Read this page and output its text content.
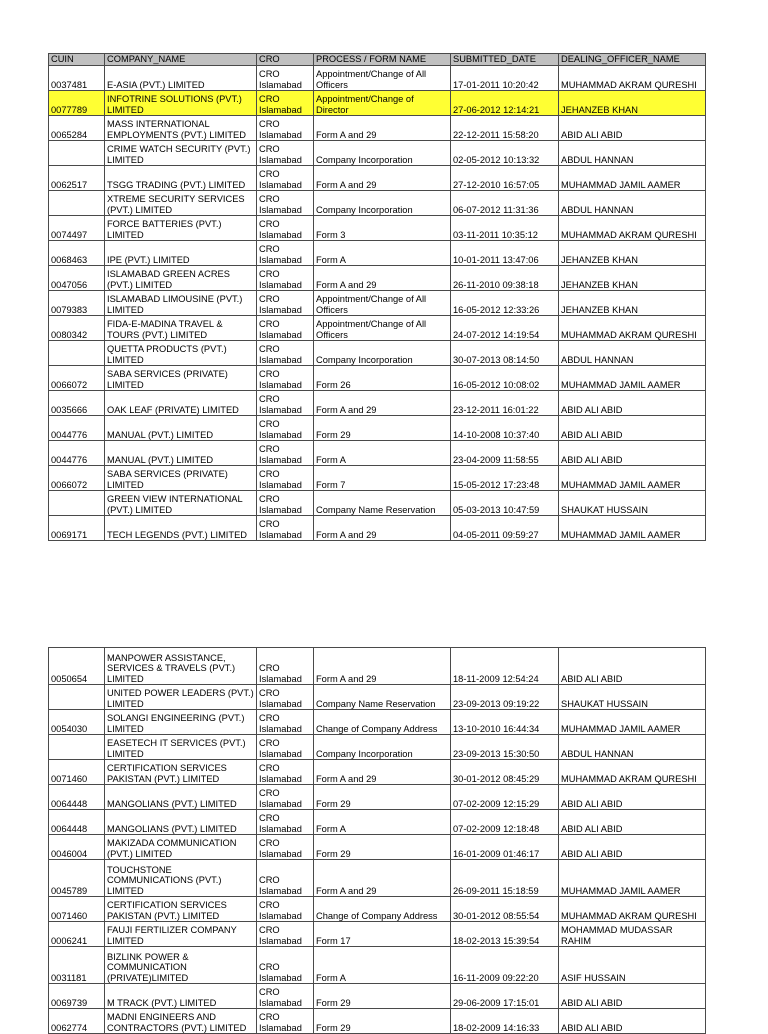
CUIN	COMPANY_NAME	CRO	PROCESS / FORM NAME	SUBMITTED_DATE	DEALING_OFFICER_NAME
0037481	E-ASIA (PVT.) LIMITED	CRO Islamabad	Appointment/Change of All Officers	17-01-2011 10:20:42	MUHAMMAD AKRAM QURESHI
0077789	INFOTRINE SOLUTIONS (PVT.) LIMITED	CRO Islamabad	Appointment/Change of Director	27-06-2012 12:14:21	JEHANZEB KHAN
0065284	MASS INTERNATIONAL EMPLOYMENTS (PVT.) LIMITED	CRO Islamabad	Form A and 29	22-12-2011 15:58:20	ABID ALI ABID
	CRIME WATCH SECURITY (PVT.) LIMITED	CRO Islamabad	Company Incorporation	02-05-2012 10:13:32	ABDUL HANNAN
0062517	TSGG TRADING (PVT.) LIMITED	CRO Islamabad	Form A and 29	27-12-2010 16:57:05	MUHAMMAD JAMIL AAMER
	XTREME SECURITY SERVICES (PVT.) LIMITED	CRO Islamabad	Company Incorporation	06-07-2012 11:31:36	ABDUL HANNAN
0074497	FORCE BATTERIES (PVT.) LIMITED	CRO Islamabad	Form 3	03-11-2011 10:35:12	MUHAMMAD AKRAM QURESHI
0068463	IPE (PVT.) LIMITED	CRO Islamabad	Form A	10-01-2011 13:47:06	JEHANZEB KHAN
0047056	ISLAMABAD GREEN ACRES (PVT.) LIMITED	CRO Islamabad	Form A and 29	26-11-2010 09:38:18	JEHANZEB KHAN
0079383	ISLAMABAD LIMOUSINE (PVT.) LIMITED	CRO Islamabad	Appointment/Change of All Officers	16-05-2012 12:33:26	JEHANZEB KHAN
0080342	FIDA-E-MADINA TRAVEL & TOURS (PVT.) LIMITED	CRO Islamabad	Appointment/Change of All Officers	24-07-2012 14:19:54	MUHAMMAD AKRAM QURESHI
	QUETTA PRODUCTS (PVT.) LIMITED	CRO Islamabad	Company Incorporation	30-07-2013 08:14:50	ABDUL HANNAN
0066072	SABA SERVICES (PRIVATE) LIMITED	CRO Islamabad	Form 26	16-05-2012 10:08:02	MUHAMMAD JAMIL AAMER
0035666	OAK LEAF (PRIVATE) LIMITED	CRO Islamabad	Form A and 29	23-12-2011 16:01:22	ABID ALI ABID
0044776	MANUAL (PVT.) LIMITED	CRO Islamabad	Form 29	14-10-2008 10:37:40	ABID ALI ABID
0044776	MANUAL (PVT.) LIMITED	CRO Islamabad	Form A	23-04-2009 11:58:55	ABID ALI ABID
0066072	SABA SERVICES (PRIVATE) LIMITED	CRO Islamabad	Form 7	15-05-2012 17:23:48	MUHAMMAD JAMIL AAMER
	GREEN VIEW INTERNATIONAL (PVT.) LIMITED	CRO Islamabad	Company Name Reservation	05-03-2013 10:47:59	SHAUKAT HUSSAIN
0069171	TECH LEGENDS (PVT.) LIMITED	CRO Islamabad	Form A and 29	04-05-2011 09:59:27	MUHAMMAD JAMIL AAMER
0050654	MANPOWER ASSISTANCE, SERVICES & TRAVELS (PVT.) LIMITED	CRO Islamabad	Form A and 29	18-11-2009 12:54:24	ABID ALI ABID
	UNITED POWER LEADERS (PVT.) LIMITED	CRO Islamabad	Company Name Reservation	23-09-2013 09:19:22	SHAUKAT HUSSAIN
0054030	SOLANGI ENGINEERING (PVT.) LIMITED	CRO Islamabad	Change of Company Address	13-10-2010 16:44:34	MUHAMMAD JAMIL AAMER
	EASETECH IT SERVICES (PVT.) LIMITED	CRO Islamabad	Company Incorporation	23-09-2013 15:30:50	ABDUL HANNAN
0071460	CERTIFICATION SERVICES PAKISTAN (PVT.) LIMITED	CRO Islamabad	Form A and 29	30-01-2012 08:45:29	MUHAMMAD AKRAM QURESHI
0064448	MANGOLIANS (PVT.) LIMITED	CRO Islamabad	Form 29	07-02-2009 12:15:29	ABID ALI ABID
0064448	MANGOLIANS (PVT.) LIMITED	CRO Islamabad	Form A	07-02-2009 12:18:48	ABID ALI ABID
0046004	MAKIZADA COMMUNICATION (PVT.) LIMITED	CRO Islamabad	Form 29	16-01-2009 01:46:17	ABID ALI ABID
0045789	TOUCHSTONE COMMUNICATIONS (PVT.) LIMITED	CRO Islamabad	Form A and 29	26-09-2011 15:18:59	MUHAMMAD JAMIL AAMER
0071460	CERTIFICATION SERVICES PAKISTAN (PVT.) LIMITED	CRO Islamabad	Change of Company Address	30-01-2012 08:55:54	MUHAMMAD AKRAM QURESHI
0006241	FAUJI FERTILIZER COMPANY LIMITED	CRO Islamabad	Form 17	18-02-2013 15:39:54	MOHAMMAD MUDASSAR RAHIM
0031181	BIZLINK POWER & COMMUNICATION (PRIVATE)LIMITED	CRO Islamabad	Form A	16-11-2009 09:22:20	ASIF HUSSAIN
0069739	M TRACK (PVT.) LIMITED	CRO Islamabad	Form 29	29-06-2009 17:15:01	ABID ALI ABID
0062774	MADNI ENGINEERS AND CONTRACTORS (PVT.) LIMITED	CRO Islamabad	Form 29	18-02-2009 14:16:33	ABID ALI ABID
